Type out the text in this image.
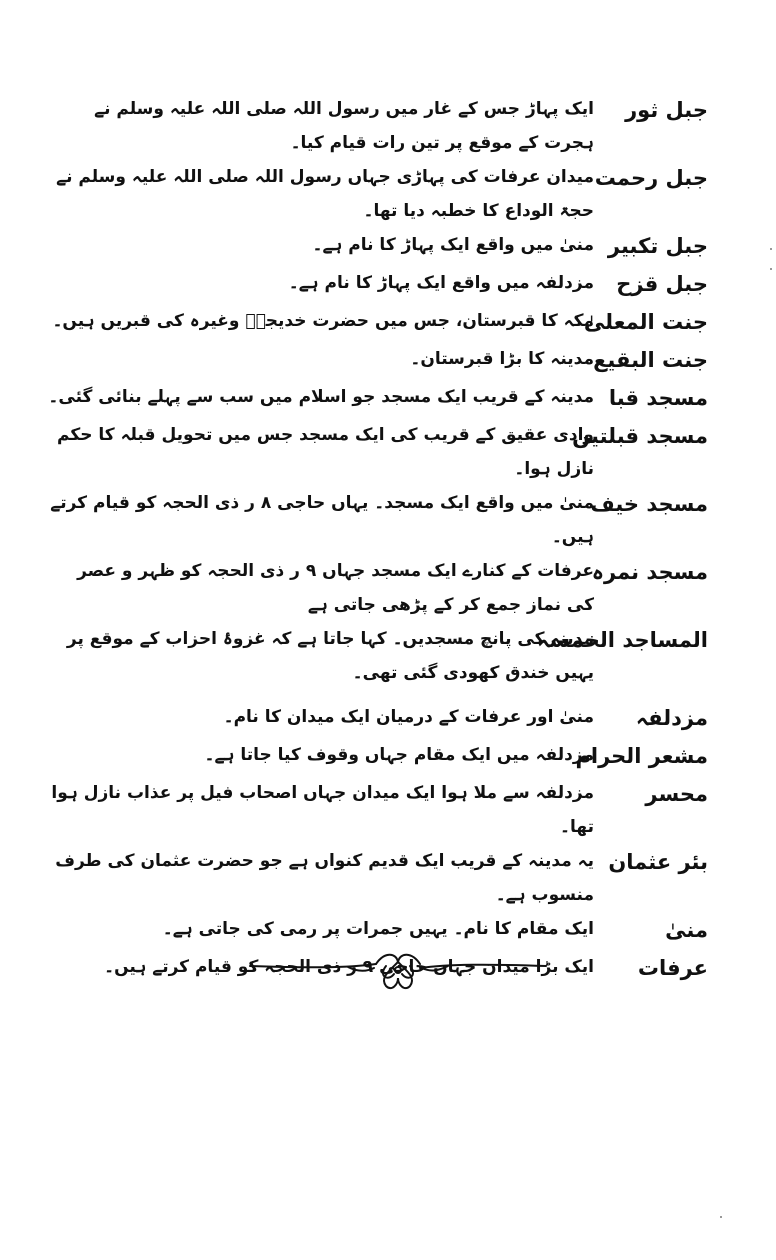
جبل ثور
ایک پہاڑ جس کے غار میں رسول اللہ صلی اللہ علیہ وسلم نے ہجرت کے موقع پر تین رات قیام کیا۔
جبل رحمت
میدان عرفات کی پہاڑی جہاں رسول اللہ صلی اللہ علیہ وسلم نے حجۃ الوداع کا خطبہ دیا تھا۔
جبل تکبیر
منیٰ میں واقع ایک پہاڑ کا نام ہے۔
جبل قزح
مزدلفہ میں واقع ایک پہاڑ کا نام ہے۔
جنت المعلیٰ
مکہ کا قبرستان، جس میں حضرت خدیجہؓ وغیرہ کی قبریں ہیں۔
جنت البقیع
مدینہ کا بڑا قبرستان۔
مسجد قبا
مدینہ کے قریب ایک مسجد جو اسلام میں سب سے پہلے بنائی گئی۔
مسجد قبلتین
وادی عقیق کے قریب کی ایک مسجد جس میں تحویل قبلہ کا حکم نازل ہوا۔
مسجد خیف
منیٰ میں واقع ایک مسجد۔ یہاں حاجی ۸ ر ذی الحجہ کو قیام کرتے ہیں۔
مسجد نمرہ
عرفات کے کنارے ایک مسجد جہاں ۹ ر ذی الحجہ کو ظہر و عصر کی نماز جمع کر کے پڑھی جاتی ہے
المساجد الخمسہ
مدینہ کی پانچ مسجدیں۔ کہا جاتا ہے کہ غزوۂ احزاب کے موقع پر یہیں خندق کھودی گئی تھی۔
مزدلفہ
منیٰ اور عرفات کے درمیان ایک میدان کا نام۔
مشعر الحرام
مزدلفہ میں ایک مقام جہاں وقوف کیا جاتا ہے۔
محسر
مزدلفہ سے ملا ہوا ایک میدان جہاں اصحاب فیل پر عذاب نازل ہوا تھا۔
بئر عثمان
یہ مدینہ کے قریب ایک قدیم کنواں ہے جو حضرت عثمان کی طرف منسوب ہے۔
منیٰ
ایک مقام کا نام۔ یہیں جمرات پر رمی کی جاتی ہے۔
عرفات
ایک بڑا میدان جہاں حاجی ۹ ر ذی الحجہ کو قیام کرتے ہیں۔
